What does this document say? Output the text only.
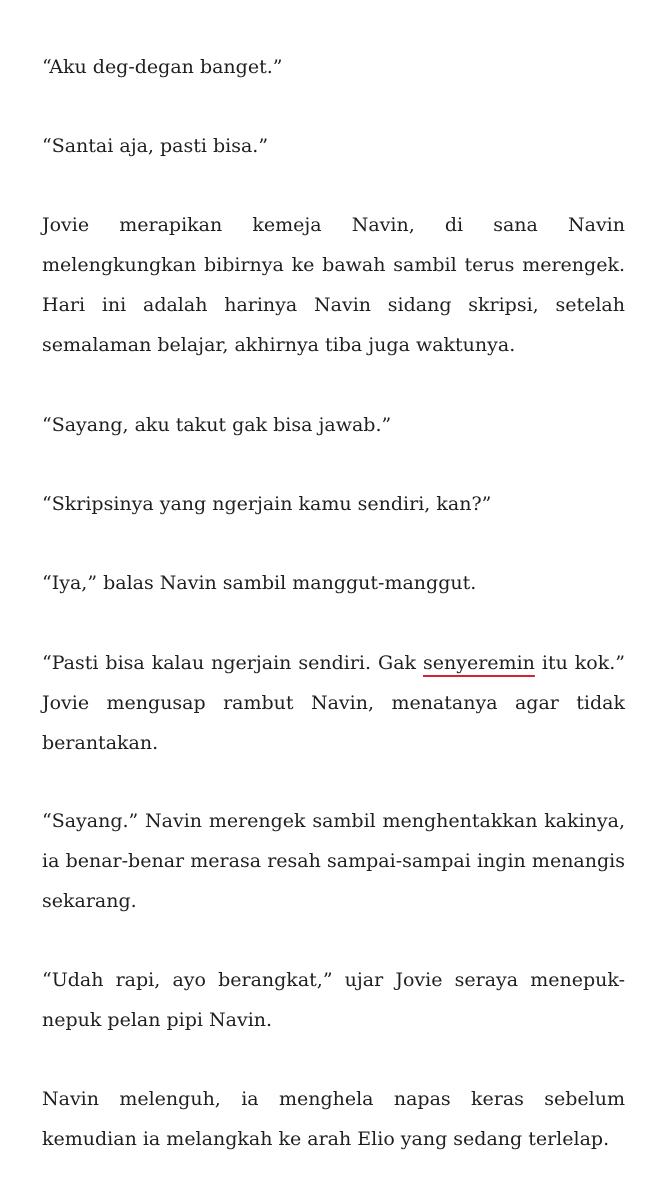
“Aku deg-degan banget.”

“Santai aja, pasti bisa.”

Jovie merapikan kemeja Navin, di sana Navin melengkungkan bibirnya ke bawah sambil terus merengek. Hari ini adalah harinya Navin sidang skripsi, setelah semalaman belajar, akhirnya tiba juga waktunya.

“Sayang, aku takut gak bisa jawab.”

“Skripsinya yang ngerjain kamu sendiri, kan?”

“Iya,” balas Navin sambil manggut-manggut.

“Pasti bisa kalau ngerjain sendiri. Gak senyeremin itu kok.” Jovie mengusap rambut Navin, menatanya agar tidak berantakan.

“Sayang.” Navin merengek sambil menghentakkan kakinya, ia benar-benar merasa resah sampai-sampai ingin menangis sekarang.

“Udah rapi, ayo berangkat,” ujar Jovie seraya menepuk-nepuk pelan pipi Navin.

Navin melenguh, ia menghela napas keras sebelum kemudian ia melangkah ke arah Elio yang sedang terlelap.
